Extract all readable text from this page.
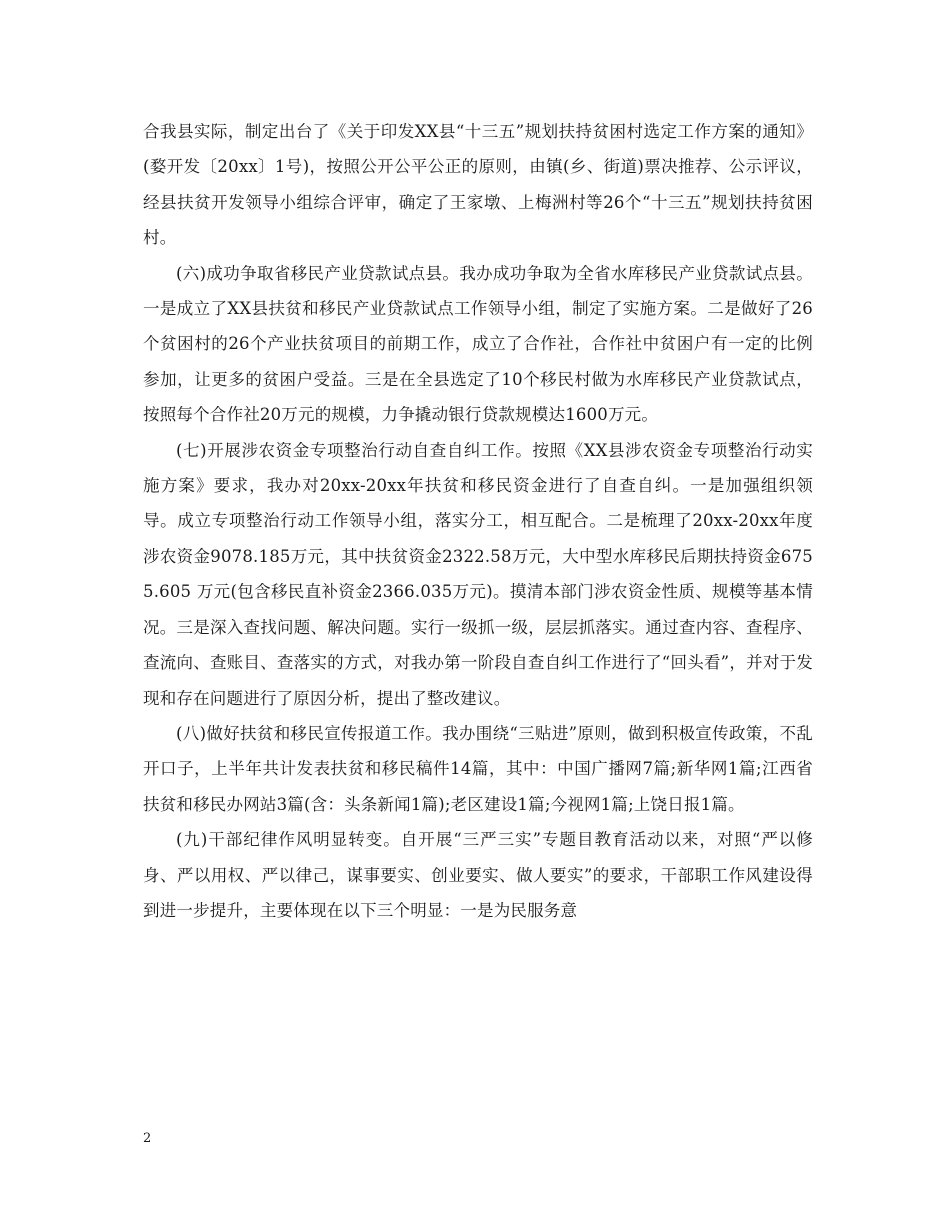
合我县实际，制定出台了《关于印发XX县“十三五”规划扶持贫困村选定工作方案的通知》(婺开发〔20xx〕1号)，按照公开公平公正的原则，由镇(乡、街道)票决推荐、公示评议，经县扶贫开发领导小组综合评审，确定了王家墩、上梅洲村等26个“十三五”规划扶持贫困村。

(六)成功争取省移民产业贷款试点县。我办成功争取为全省水库移民产业贷款试点县。一是成立了XX县扶贫和移民产业贷款试点工作领导小组，制定了实施方案。二是做好了26个贫困村的26个产业扶贫项目的前期工作，成立了合作社，合作社中贫困户有一定的比例参加，让更多的贫困户受益。三是在全县选定了10个移民村做为水库移民产业贷款试点，按照每个合作社20万元的规模，力争撬动银行贷款规模达1600万元。

(七)开展涉农资金专项整治行动自查自纠工作。按照《XX县涉农资金专项整治行动实施方案》要求，我办对20xx-20xx年扶贫和移民资金进行了自查自纠。一是加强组织领导。成立专项整治行动工作领导小组，落实分工，相互配合。二是梳理了20xx-20xx年度涉农资金9078.185万元，其中扶贫资金2322.58万元，大中型水库移民后期扶持资金6755.605 万元(包含移民直补资金2366.035万元)。摸清本部门涉农资金性质、规模等基本情况。三是深入查找问题、解决问题。实行一级抓一级，层层抓落实。通过查内容、查程序、查流向、查账目、查落实的方式，对我办第一阶段自查自纠工作进行了“回头看”，并对于发现和存在问题进行了原因分析，提出了整改建议。

(八)做好扶贫和移民宣传报道工作。我办围绕“三贴进”原则，做到积极宣传政策，不乱开口子，上半年共计发表扶贫和移民稿件14篇，其中：中国广播网7篇;新华网1篇;江西省扶贫和移民办网站3篇(含：头条新闻1篇);老区建设1篇;今视网1篇;上饶日报1篇。

(九)干部纪律作风明显转变。自开展“三严三实”专题目教育活动以来，对照“严以修身、严以用权、严以律己，谋事要实、创业要实、做人要实”的要求，干部职工作风建设得到进一步提升，主要体现在以下三个明显：一是为民服务意

2
